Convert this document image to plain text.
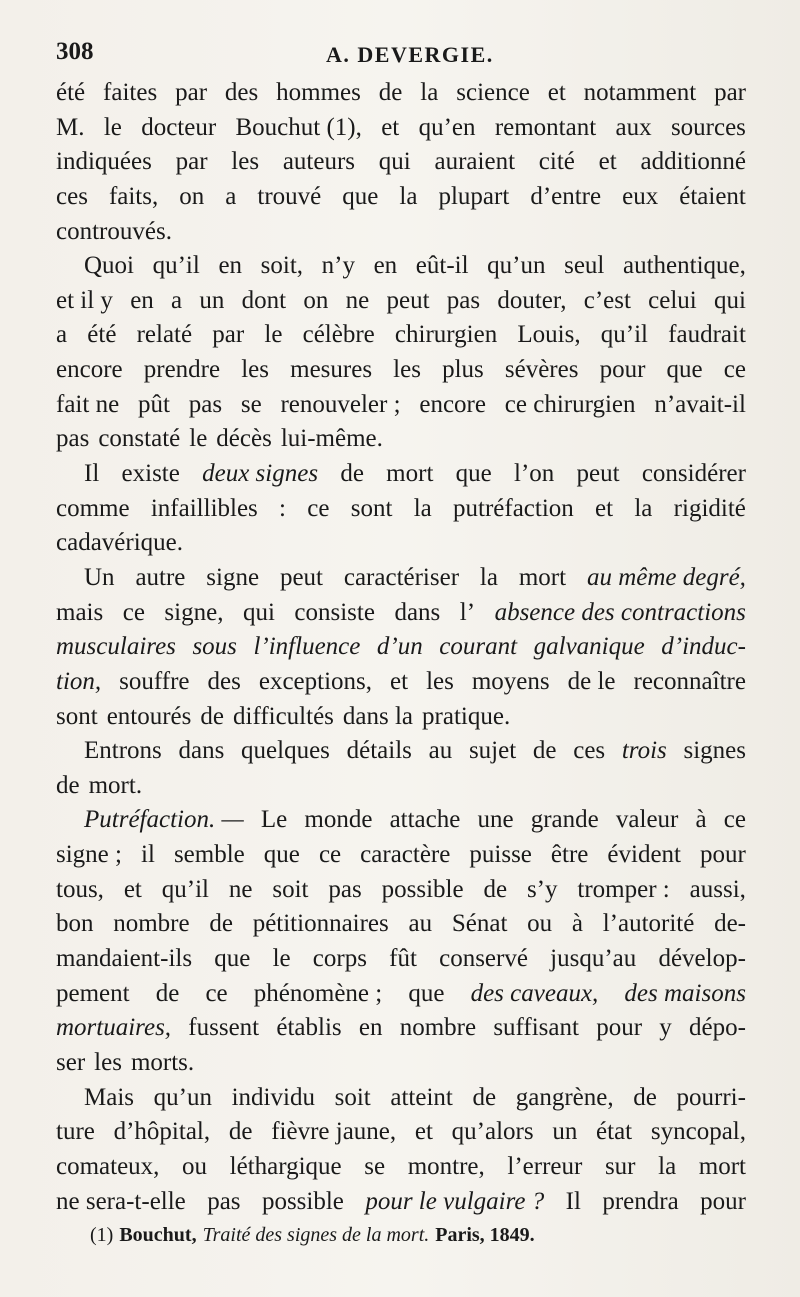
308	A. DEVERGIE.
été faites par des hommes de la science et notamment par
M. le docteur Bouchut (1), et qu’en remontant aux sources
indiquées par les auteurs qui auraient cité et additionné
ces faits, on a trouvé que la plupart d’entre eux étaient
controuvés.
Quoi qu’il en soit, n’y en eût-il qu’un seul authentique,
et il y en a un dont on ne peut pas douter, c’est celui qui
a été relaté par le célèbre chirurgien Louis, qu’il faudrait
encore prendre les mesures les plus sévères pour que ce
fait ne pût pas se renouveler ; encore ce chirurgien n’avait-il
pas constaté le décès lui-même.
Il existe deux signes de mort que l’on peut considérer
comme infaillibles : ce sont la putréfaction et la rigidité
cadavérique.
Un autre signe peut caractériser la mort au même degré,
mais ce signe, qui consiste dans l’ absence des contractions
musculaires sous l’influence d’un courant galvanique d’induc-
tion, souffre des exceptions, et les moyens de le reconnaître
sont entourés de difficultés dans la pratique.
Entrons dans quelques détails au sujet de ces trois signes
de mort.
Putréfaction. — Le monde attache une grande valeur à ce
signe ; il semble que ce caractère puisse être évident pour
tous, et qu’il ne soit pas possible de s’y tromper : aussi,
bon nombre de pétitionnaires au Sénat ou à l’autorité de-
mandaient-ils que le corps fût conservé jusqu’au dévelop-
pement de ce phénomène ; que des caveaux, des maisons
mortuaires, fussent établis en nombre suffisant pour y dépo-
ser les morts.
Mais qu’un individu soit atteint de gangrène, de pourri-
ture d’hôpital, de fièvre jaune, et qu’alors un état syncopal,
comateux, ou léthargique se montre, l’erreur sur la mort
ne sera-t-elle pas possible pour le vulgaire ? Il prendra pour
(1) Bouchut, Traité des signes de la mort. Paris, 1849.
